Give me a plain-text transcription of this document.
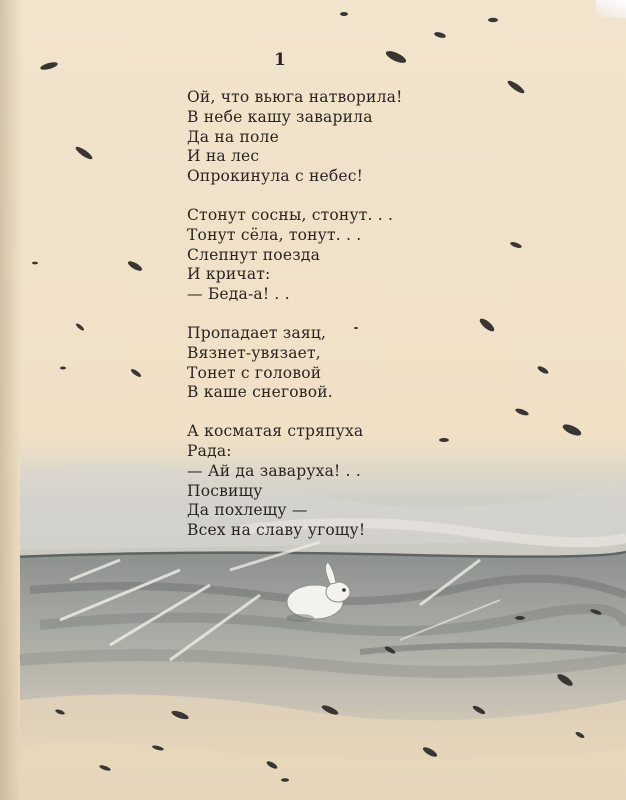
1
Ой, что вьюга натворила!
В небе кашу заварила
Да на поле
И на лес
Опрокинула с небес!
Стонут сосны, стонут. . .
Тонут сёла, тонут. . .
Слепнут поезда
И кричат:
— Беда-а! . .
Пропадает заяц,
Вязнет-увязает,
Тонет с головой
В каше снеговой.
А косматая стряпуха
Рада:
— Ай да заваруха! . .
Посвищу
Да похлещу —
Всех на славу угощу!
